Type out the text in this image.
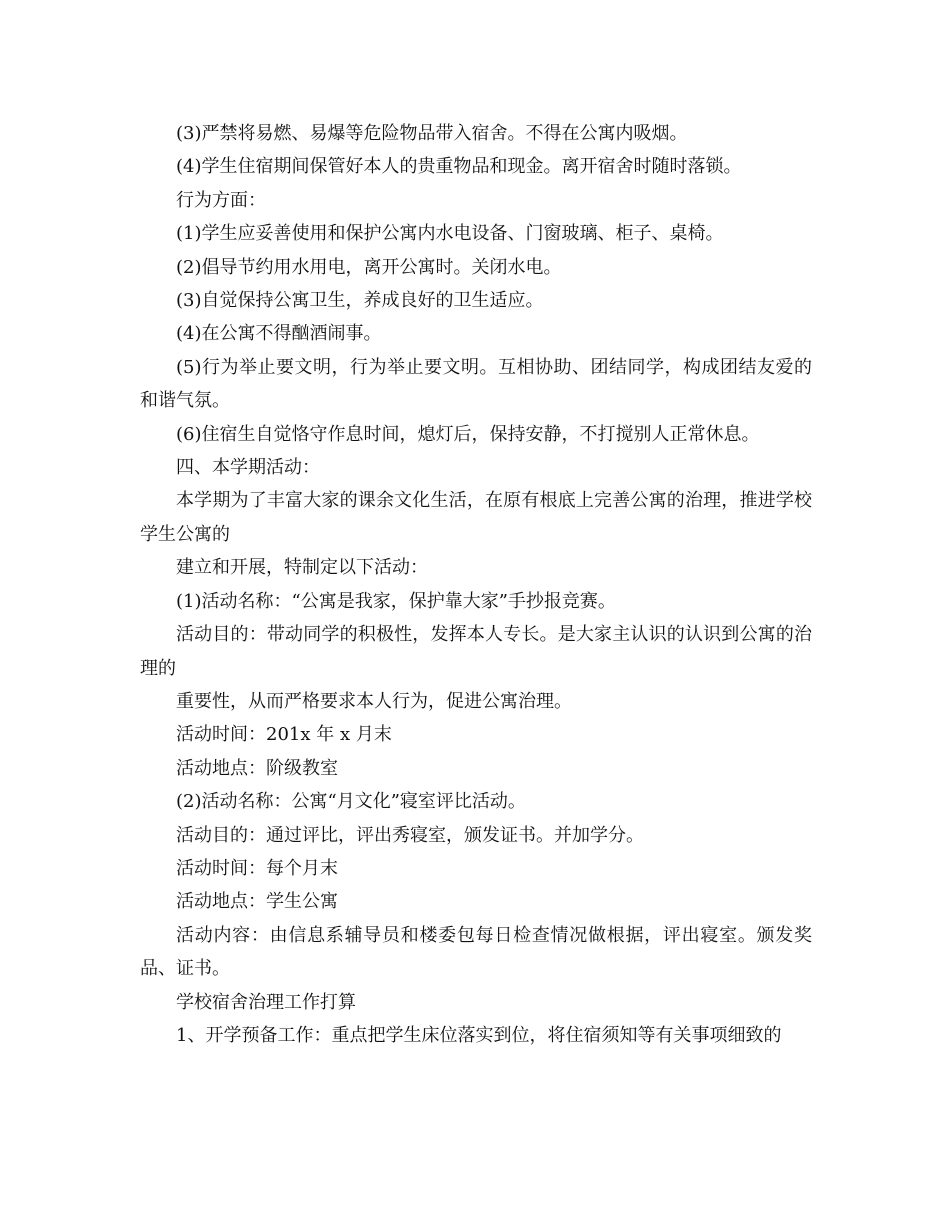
(3)严禁将易燃、易爆等危险物品带入宿舍。不得在公寓内吸烟。

(4)学生住宿期间保管好本人的贵重物品和现金。离开宿舍时随时落锁。

行为方面：

(1)学生应妥善使用和保护公寓内水电设备、门窗玻璃、柜子、桌椅。

(2)倡导节约用水用电，离开公寓时。关闭水电。

(3)自觉保持公寓卫生，养成良好的卫生适应。

(4)在公寓不得酗酒闹事。

(5)行为举止要文明，行为举止要文明。互相协助、团结同学，构成团结友爱的和谐气氛。

(6)住宿生自觉恪守作息时间，熄灯后，保持安静，不打搅别人正常休息。

四、本学期活动：

本学期为了丰富大家的课余文化生活，在原有根底上完善公寓的治理，推进学校学生公寓的

建立和开展，特制定以下活动：

(1)活动名称：“公寓是我家，保护靠大家”手抄报竞赛。

活动目的：带动同学的积极性，发挥本人专长。是大家主认识的认识到公寓的治理的

重要性，从而严格要求本人行为，促进公寓治理。

活动时间：201x 年 x 月末

活动地点：阶级教室

(2)活动名称：公寓“月文化”寝室评比活动。

活动目的：通过评比，评出秀寝室，颁发证书。并加学分。

活动时间：每个月末

活动地点：学生公寓

活动内容：由信息系辅导员和楼委包每日检查情况做根据，评出寝室。颁发奖品、证书。

学校宿舍治理工作打算

1、开学预备工作：重点把学生床位落实到位，将住宿须知等有关事项细致的
